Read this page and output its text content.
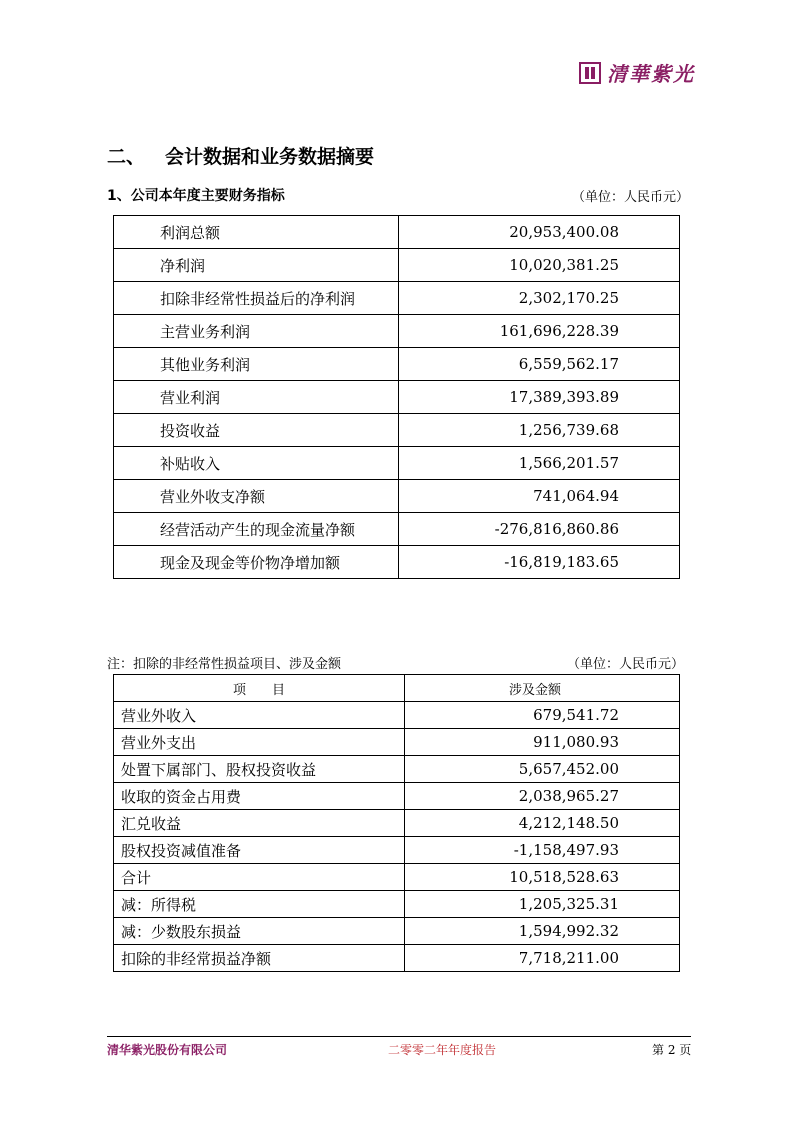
清華紫光
二、 会计数据和业务数据摘要
1、公司本年度主要财务指标	（单位：人民币元）
利润总额	20,953,400.08
净利润	10,020,381.25
扣除非经常性损益后的净利润	2,302,170.25
主营业务利润	161,696,228.39
其他业务利润	6,559,562.17
营业利润	17,389,393.89
投资收益	1,256,739.68
补贴收入	1,566,201.57
营业外收支净额	741,064.94
经营活动产生的现金流量净额	-276,816,860.86
现金及现金等价物净增加额	-16,819,183.65
注：扣除的非经常性损益项目、涉及金额	（单位：人民币元）
项　　目	涉及金额
营业外收入	679,541.72
营业外支出	911,080.93
处置下属部门、股权投资收益	5,657,452.00
收取的资金占用费	2,038,965.27
汇兑收益	4,212,148.50
股权投资减值准备	-1,158,497.93
合计	10,518,528.63
减：所得税	1,205,325.31
减：少数股东损益	1,594,992.32
扣除的非经常损益净额	7,718,211.00
清华紫光股份有限公司	二零零二年年度报告	第 2 页
